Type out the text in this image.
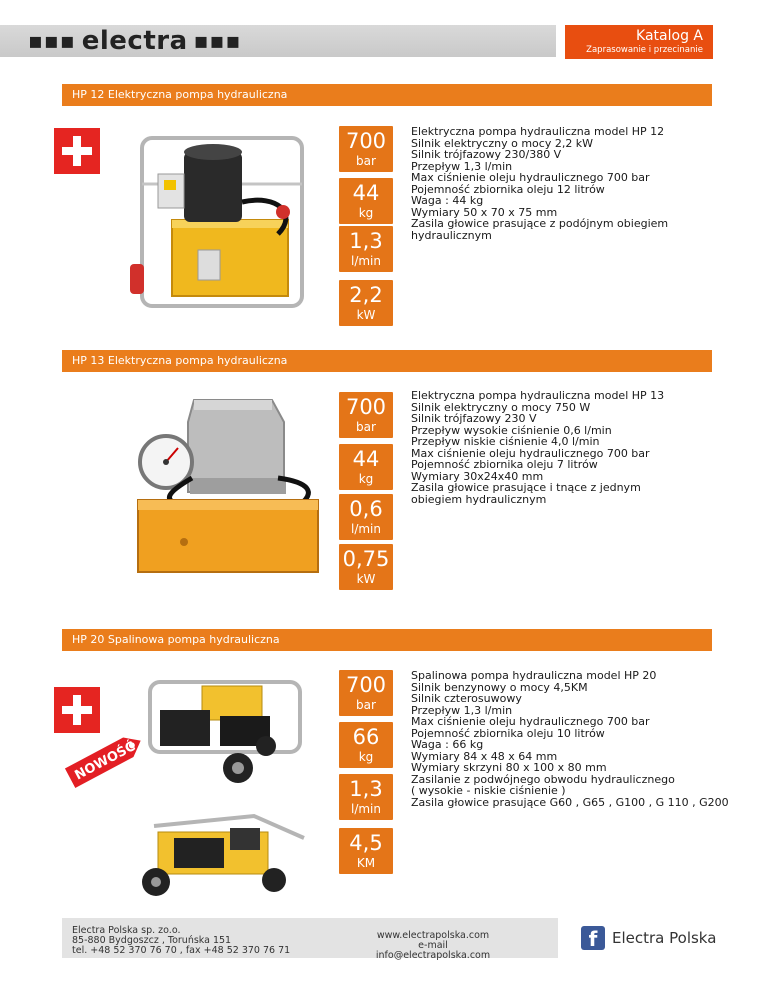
▪▪▪ electra ▪▪▪	Katalog A
Zaprasowanie i przecinanie
HP 12 Elektryczna pompa hydrauliczna
700
bar
44
kg
1,3
l/min
2,2
kW
Elektryczna pompa hydrauliczna model HP 12
Silnik elektryczny o mocy 2,2 kW
Silnik trójfazowy 230/380 V
Przepływ 1,3 l/min
Max ciśnienie oleju hydraulicznego 700 bar
Pojemność zbiornika oleju 12 litrów
Waga : 44 kg
Wymiary 50 x 70 x 75 mm
Zasila głowice prasujące z podójnym obiegiem
hydraulicznym
HP 13 Elektryczna pompa hydrauliczna
700
bar
44
kg
0,6
l/min
0,75
kW
Elektryczna pompa hydrauliczna model HP 13
Silnik elektryczny o mocy 750 W
Silnik trójfazowy 230 V
Przepływ wysokie ciśnienie 0,6 l/min
Przepływ niskie ciśnienie 4,0 l/min
Max ciśnienie oleju hydraulicznego 700 bar
Pojemność zbiornika oleju 7 litrów
Wymiary 30x24x40 mm
Zasila głowice prasujące i tnące z jednym
obiegiem hydraulicznym
HP 20 Spalinowa pompa hydrauliczna
NOWOŚĆ
700
bar
66
kg
1,3
l/min
4,5
KM
Spalinowa pompa hydrauliczna model HP 20
Silnik benzynowy o mocy 4,5KM
Silnik czterosuwowy
Przepływ 1,3 l/min
Max ciśnienie oleju hydraulicznego 700 bar
Pojemność zbiornika oleju 10 litrów
Waga : 66 kg
Wymiary 84 x 48 x 64 mm
Wymiary skrzyni 80 x 100 x 80 mm
Zasilanie z podwójnego obwodu hydraulicznego
( wysokie - niskie ciśnienie )
Zasila głowice prasujące G60 , G65 , G100 , G 110 , G200
Electra Polska sp. zo.o.
85-880 Bydgoszcz , Toruńska 151
tel. +48 52 370 76 70 , fax +48 52 370 76 71
www.electrapolska.com
e-mail info@electrapolska.com
f Electra Polska
